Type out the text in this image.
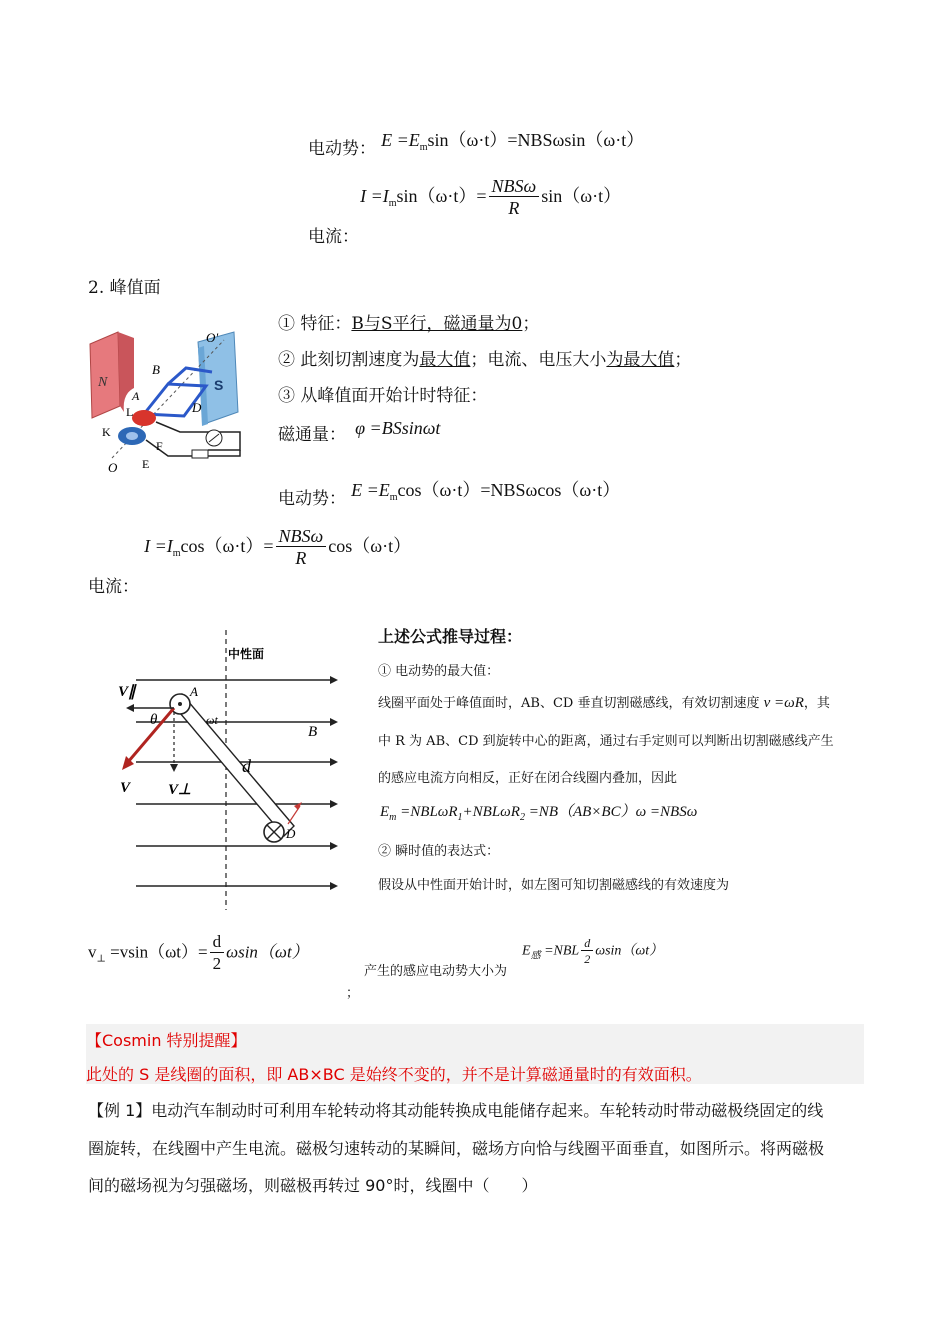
电动势： $E =E_m\sin(\omega\cdot t)=NBS\omega\sin(\omega\cdot t)$
电流： $I =I_m\sin(\omega\cdot t)= \frac{\text{NBSω}}{R} \sin(\omega\cdot t)$
2. 峰值面
N	S
B
A
L	D
K
F
E
O
O'
① 特征：B与S平行，磁通量为0；
② 此刻切割速度为最大值；电流、电压大小为最大值；
③ 从峰值面开始计时特征：
磁通量： φ =BSsinωt
电动势： $E =E_m\cos(\omega\cdot t)=NBS\omega\cos(\omega\cdot t)$
电流： $I =I_m\cos(\omega\cdot t)= \frac{\text{NBSω}}{R} \cos(\omega\cdot t)$
中性面
V∥
θ
A
ωt
B
V	V⊥
d
D
上述公式推导过程：
① 电动势的最大值：
线圈平面处于峰值面时，AB、CD 垂直切割磁感线，有效切割速度 v =ωR，其
中 R 为 AB、CD 到旋转中心的距离，通过右手定则可以判断出切割磁感线产生
的感应电流方向相反，正好在闭合线圈内叠加，因此
$E_m =NBL\omega R_1+NBL\omega R_2 =NB(AB\times BC)\omega =NBS\omega$
② 瞬时值的表达式：
假设从中性面开始计时，如左图可知切割磁感线的有效速度为
$v_\perp =vsin(\omega t)= \frac{d}{2} \omega\sin(\omega t)$
；
产生的感应电动势大小为
$E_感 =NBL \frac{d}{2} \omega\sin(\omega t)$
【Cosmin 特别提醒】
此处的 S 是线圈的面积，即 AB×BC 是始终不变的，并不是计算磁通量时的有效面积。
【例 1】电动汽车制动时可利用车轮转动将其动能转换成电能储存起来。车轮转动时带动磁极绕固定的线
圈旋转，在线圈中产生电流。磁极匀速转动的某瞬间，磁场方向恰与线圈平面垂直，如图所示。将两磁极
间的磁场视为匀强磁场，则磁极再转过 90°时，线圈中（　　）
